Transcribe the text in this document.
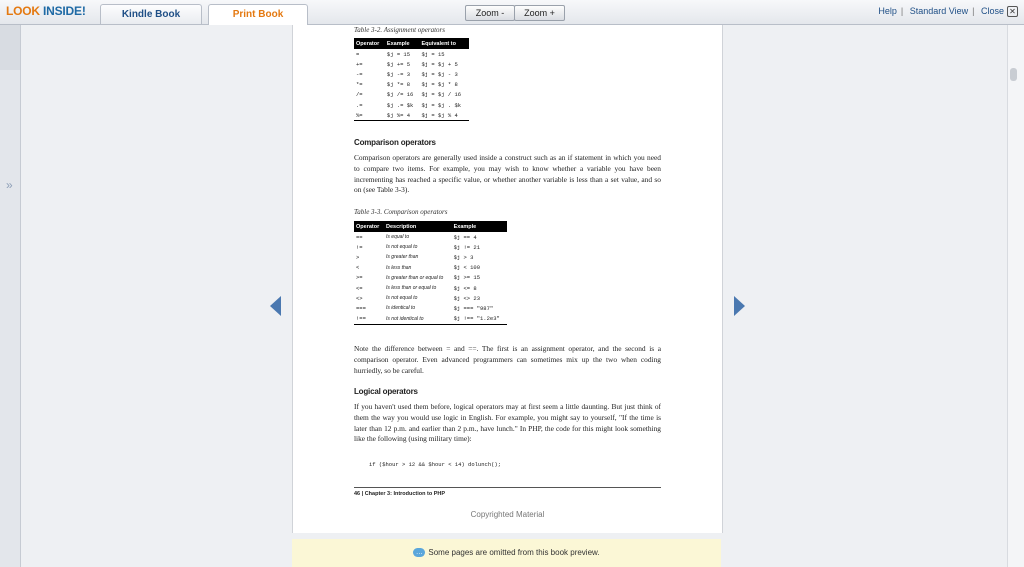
LOOK INSIDE!	Kindle Book	Print Book	Zoom -	Zoom +	Help | Standard View | Close ✕
»
Table 3-2. Assignment operators
Operator	Example	Equivalent to
=	$j = 15	$j = 15
+=	$j += 5	$j = $j + 5
-=	$j -= 3	$j = $j - 3
*=	$j *= 8	$j = $j * 8
/=	$j /= 16	$j = $j / 16
.=	$j .= $k	$j = $j . $k
%=	$j %= 4	$j = $j % 4
Comparison operators
Comparison operators are generally used inside a construct such as an if statement in which you need to compare two items. For example, you may wish to know whether a variable you have been incrementing has reached a specific value, or whether another variable is less than a set value, and so on (see Table 3-3).
Table 3-3. Comparison operators
Operator	Description	Example
==	Is equal to	$j == 4
!=	Is not equal to	$j != 21
>	Is greater than	$j > 3
<	Is less than	$j < 100
>=	Is greater than or equal to	$j >= 15
<=	Is less than or equal to	$j <= 8
<>	Is not equal to	$j <> 23
===	Is identical to	$j === "987"
!==	Is not identical to	$j !== "1.2e3"
Note the difference between = and ==. The first is an assignment operator, and the second is a comparison operator. Even advanced programmers can sometimes mix up the two when coding hurriedly, so be careful.
Logical operators
If you haven't used them before, logical operators may at first seem a little daunting. But just think of them the way you would use logic in English. For example, you might say to yourself, "If the time is later than 12 p.m. and earlier than 2 p.m., have lunch." In PHP, the code for this might look something like the following (using military time):
if ($hour > 12 && $hour < 14) dolunch();
46 | Chapter 3: Introduction to PHP
Copyrighted Material
… Some pages are omitted from this book preview.
